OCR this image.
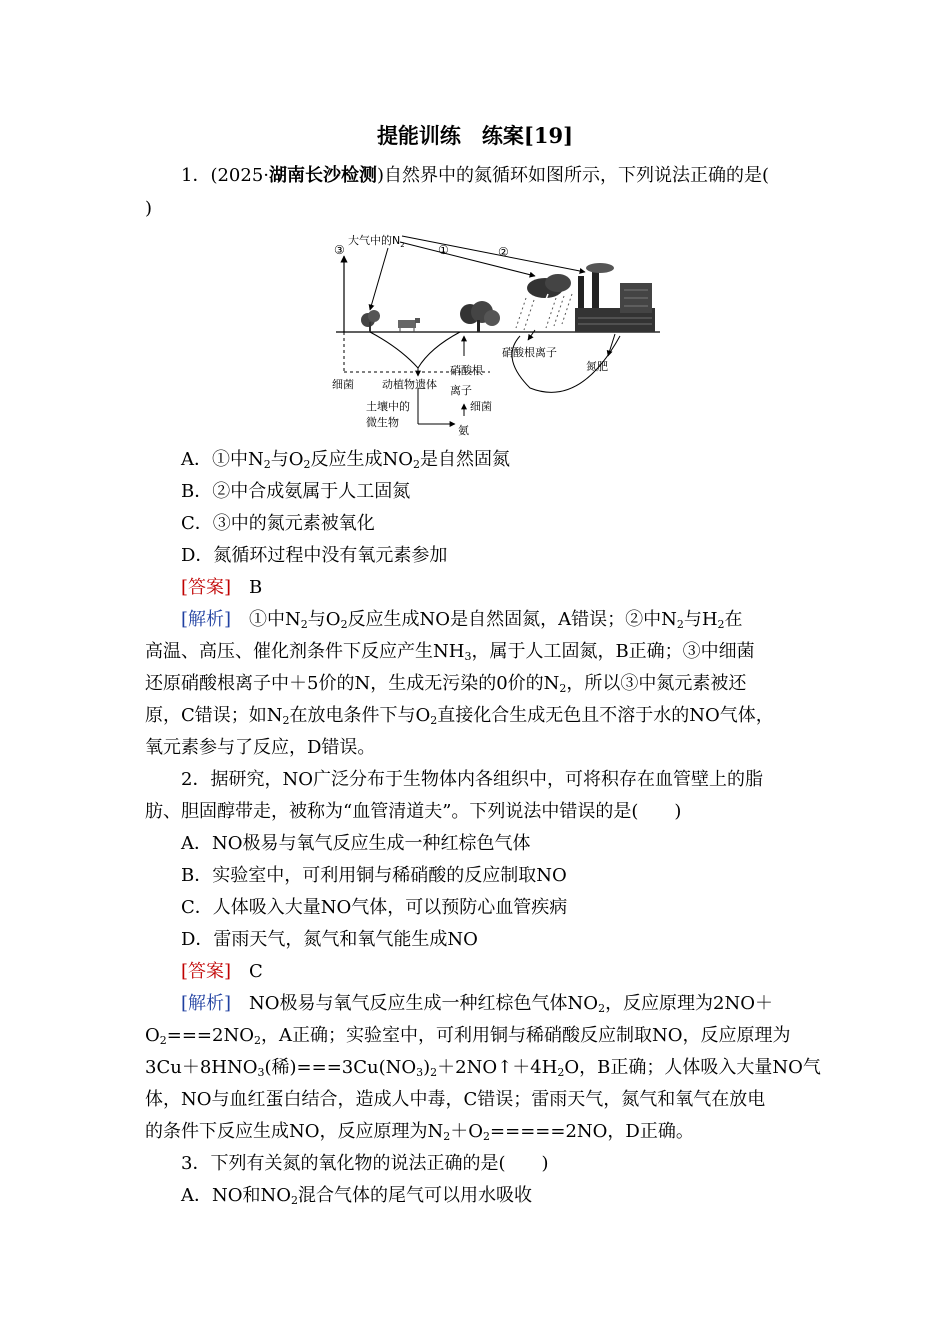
提能训练　练案[19]
1．(2025·湖南长沙检测)自然界中的氮循环如图所示，下列说法正确的是(
)
大气中的$N_2$
③	①	②
细菌	动植物遗体
硝酸根
离子
硝酸根离子
氮肥
土壤中的
微生物
细菌
氨
A．①中$N_2$与$O_2$反应生成$NO_2$是自然固氮
B．②中合成氨属于人工固氮
C．③中的氮元素被氧化
D．氮循环过程中没有氧元素参加
[答案]　 B
[解析]　 ①中$N_2$与$O_2$反应生成NO是自然固氮，A错误；②中$N_2$与$H_2$在
高温、高压、催化剂条件下反应产生$NH_3$，属于人工固氮，B正确；③中细菌
还原硝酸根离子中＋5价的N，生成无污染的0价的$N_2$，所以③中氮元素被还
原，C错误；如$N_2$在放电条件下与$O_2$直接化合生成无色且不溶于水的NO气体，
氧元素参与了反应，D错误。
2．据研究，NO广泛分布于生物体内各组织中，可将积存在血管壁上的脂
肪、胆固醇带走，被称为“血管清道夫”。下列说法中错误的是(　　)
A．NO极易与氧气反应生成一种红棕色气体
B．实验室中，可利用铜与稀硝酸的反应制取NO
C．人体吸入大量NO气体，可以预防心血管疾病
D．雷雨天气，氮气和氧气能生成NO
[答案]　 C
[解析]　 NO极易与氧气反应生成一种红棕色气体$NO_2$，反应原理为2NO＋
$O_2===2NO_2$，A正确；实验室中，可利用铜与稀硝酸反应制取NO，反应原理为
$3Cu+8HNO_3$(稀)$===3Cu(NO_3)_2+2NO↑+4H_2O$，B正确；人体吸入大量NO气
体，NO与血红蛋白结合，造成人中毒，C错误；雷雨天气，氮气和氧气在放电
的条件下反应生成NO，反应原理为$N_2+O_2=====2NO$，D正确。
3．下列有关氮的氧化物的说法正确的是(　　)
A．NO和$NO_2$混合气体的尾气可以用水吸收
